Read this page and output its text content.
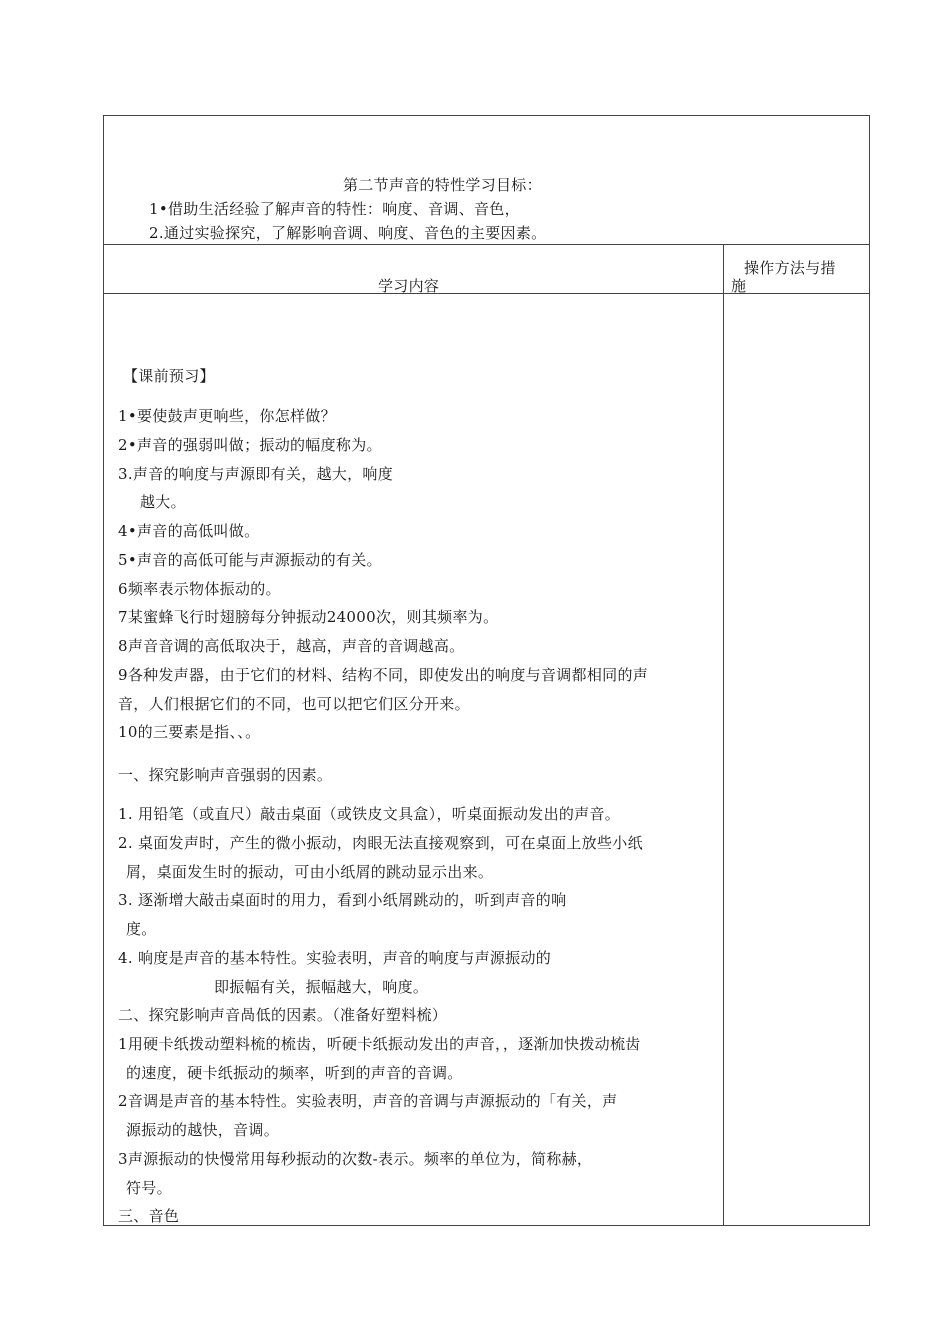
第二节声音的特性学习目标：
1•借助生活经验了解声音的特性：响度、音调、音色，
2.通过实验探究，了解影响音调、响度、音色的主要因素。
学习内容
操作方法与措
施
【课前预习】
1•要使鼓声更响些，你怎样做？
2•声音的强弱叫做；振动的幅度称为。
3.声音的响度与声源即有关，越大，响度
越大。
4•声音的高低叫做。
5•声音的高低可能与声源振动的有关。
6频率表示物体振动的。
7某蜜蜂飞行时翅膀每分钟振动24000次，则其频率为。
8声音音调的高低取决于，越高，声音的音调越高。
9各种发声器，由于它们的材料、结构不同，即使发出的响度与音调都相同的声
音，人们根据它们的不同，也可以把它们区分开来。
10的三要素是指、、。
一、探究影响声音强弱的因素。
1. 用铅笔（或直尺）敲击桌面（或铁皮文具盒），听桌面振动发出的声音。
2. 桌面发声时，产生的微小振动，肉眼无法直接观察到，可在桌面上放些小纸
屑，桌面发生时的振动，可由小纸屑的跳动显示出来。
3. 逐渐增大敲击桌面时的用力，看到小纸屑跳动的，听到声音的响
度。
4. 响度是声音的基本特性。实验表明，声音的响度与声源振动的
即振幅有关，振幅越大，响度。
二、探究影响声音咼低的因素。（准备好塑料梳）
1用硬卡纸拨动塑料梳的梳齿，听硬卡纸振动发出的声音，，逐渐加快拨动梳齿
的速度，硬卡纸振动的频率，听到的声音的音调。
2音调是声音的基本特性。实验表明，声音的音调与声源振动的「有关，声
源振动的越快，音调。
3声源振动的快慢常用每秒振动的次数-表示。频率的单位为，简称赫，
符号。
三、音色
